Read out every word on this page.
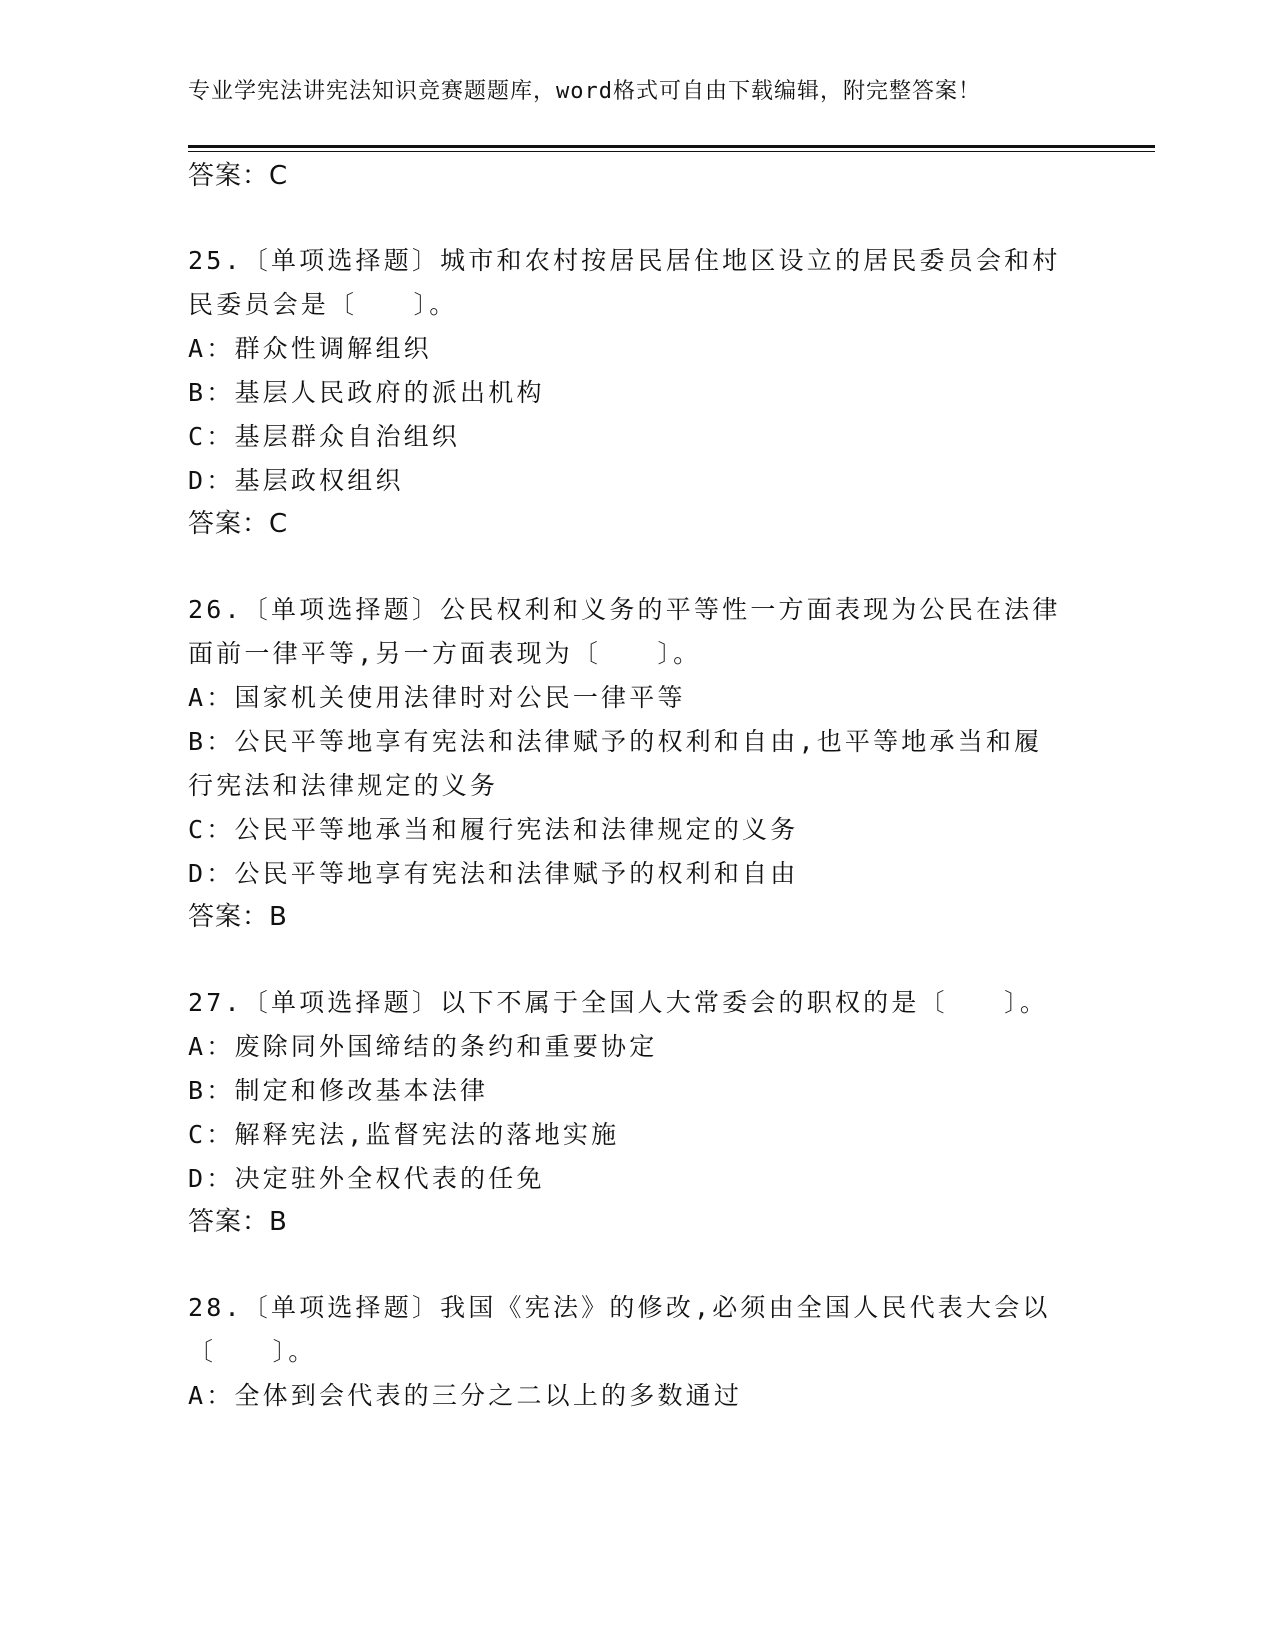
专业学宪法讲宪法知识竞赛题题库，word格式可自由下载编辑，附完整答案！
答案：C
25.〔单项选择题〕城市和农村按居民居住地区设立的居民委员会和村
民委员会是〔　　〕。
A：群众性调解组织
B：基层人民政府的派出机构
C：基层群众自治组织
D：基层政权组织
答案：C
26.〔单项选择题〕公民权利和义务的平等性一方面表现为公民在法律
面前一律平等,另一方面表现为〔　　〕。
A：国家机关使用法律时对公民一律平等
B：公民平等地享有宪法和法律赋予的权利和自由,也平等地承当和履
行宪法和法律规定的义务
C：公民平等地承当和履行宪法和法律规定的义务
D：公民平等地享有宪法和法律赋予的权利和自由
答案：B
27.〔单项选择题〕以下不属于全国人大常委会的职权的是〔　　〕。
A：废除同外国缔结的条约和重要协定
B：制定和修改基本法律
C：解释宪法,监督宪法的落地实施
D：决定驻外全权代表的任免
答案：B
28.〔单项选择题〕我国《宪法》的修改,必须由全国人民代表大会以
〔　　〕。
A：全体到会代表的三分之二以上的多数通过
